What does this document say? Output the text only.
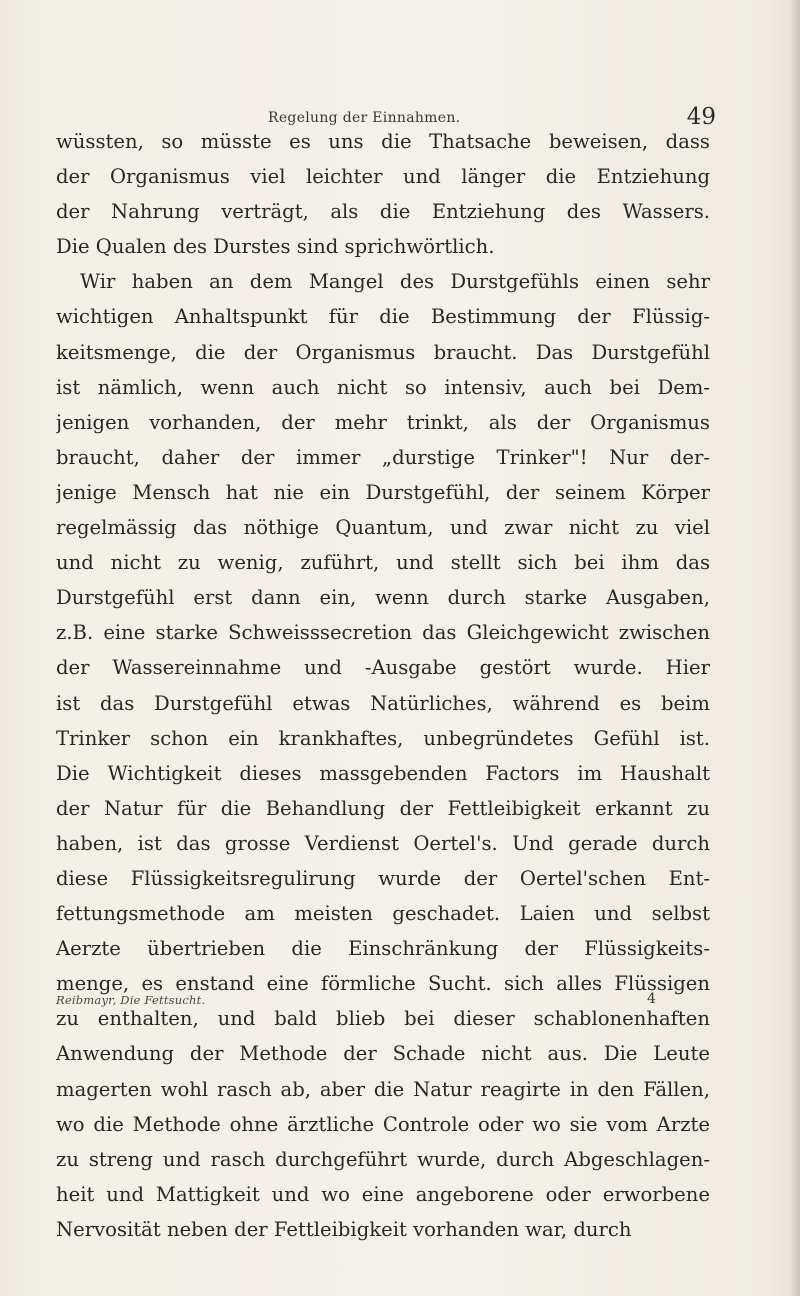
Regelung der Einnahmen.	49
wüssten, so müsste es uns die Thatsache beweisen, dass
der Organismus viel leichter und länger die Entziehung
der Nahrung verträgt, als die Entziehung des Wassers.
Die Qualen des Durstes sind sprichwörtlich.
Wir haben an dem Mangel des Durstgefühls einen sehr
wichtigen Anhaltspunkt für die Bestimmung der Flüssig-
keitsmenge, die der Organismus braucht. Das Durstgefühl
ist nämlich, wenn auch nicht so intensiv, auch bei Dem-
jenigen vorhanden, der mehr trinkt, als der Organismus
braucht, daher der immer „durstige Trinker"! Nur der-
jenige Mensch hat nie ein Durstgefühl, der seinem Körper
regelmässig das nöthige Quantum, und zwar nicht zu viel
und nicht zu wenig, zuführt, und stellt sich bei ihm das
Durstgefühl erst dann ein, wenn durch starke Ausgaben,
z.B. eine starke Schweisssecretion das Gleichgewicht zwischen
der Wassereinnahme und -Ausgabe gestört wurde. Hier
ist das Durstgefühl etwas Natürliches, während es beim
Trinker schon ein krankhaftes, unbegründetes Gefühl ist.
Die Wichtigkeit dieses massgebenden Factors im Haushalt
der Natur für die Behandlung der Fettleibigkeit erkannt zu
haben, ist das grosse Verdienst Oertel's. Und gerade durch
diese Flüssigkeitsregulirung wurde der Oertel'schen Ent-
fettungsmethode am meisten geschadet. Laien und selbst
Aerzte übertrieben die Einschränkung der Flüssigkeits-
menge, es enstand eine förmliche Sucht. sich alles Flüssigen
zu enthalten, und bald blieb bei dieser schablonenhaften
Anwendung der Methode der Schade nicht aus. Die Leute
magerten wohl rasch ab, aber die Natur reagirte in den Fällen,
wo die Methode ohne ärztliche Controle oder wo sie vom Arzte
zu streng und rasch durchgeführt wurde, durch Abgeschlagen-
heit und Mattigkeit und wo eine angeborene oder erworbene
Nervosität neben der Fettleibigkeit vorhanden war, durch
Reibmayr, Die Fettsucht.	4
